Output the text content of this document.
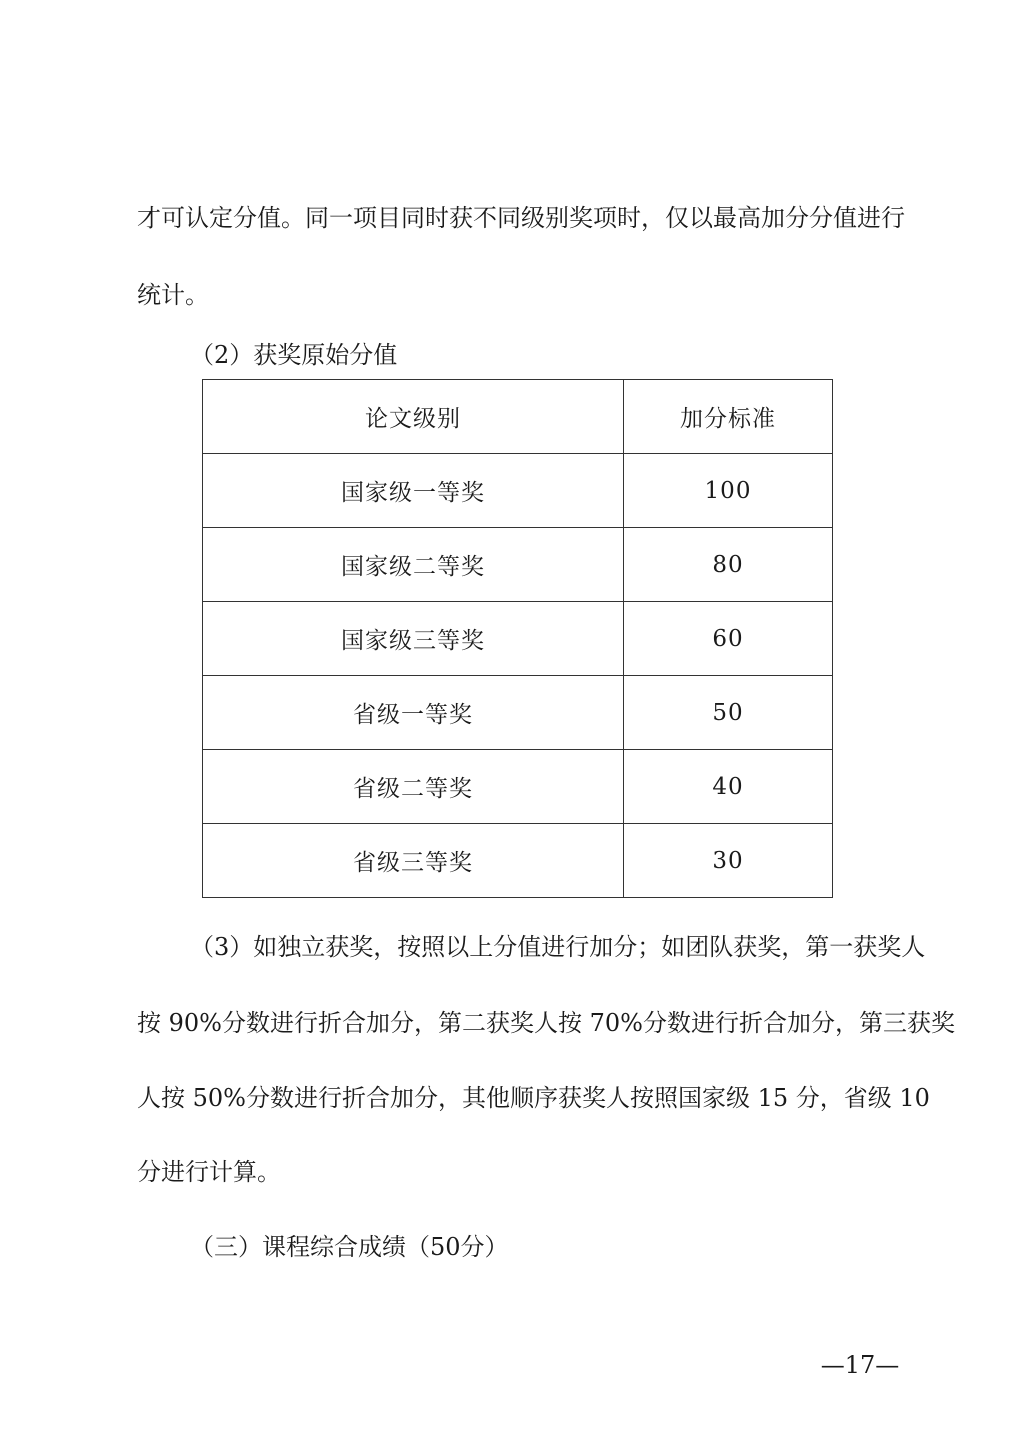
才可认定分值。同一项目同时获不同级别奖项时，仅以最高加分分值进行
统计。
（2）获奖原始分值
论文级别	加分标准
国家级一等奖	100
国家级二等奖	80
国家级三等奖	60
省级一等奖	50
省级二等奖	40
省级三等奖	30
（3）如独立获奖，按照以上分值进行加分；如团队获奖，第一获奖人
按 90%分数进行折合加分，第二获奖人按 70%分数进行折合加分，第三获奖
人按 50%分数进行折合加分，其他顺序获奖人按照国家级 15 分，省级 10
分进行计算。
（三）课程综合成绩（50分）
—17—
